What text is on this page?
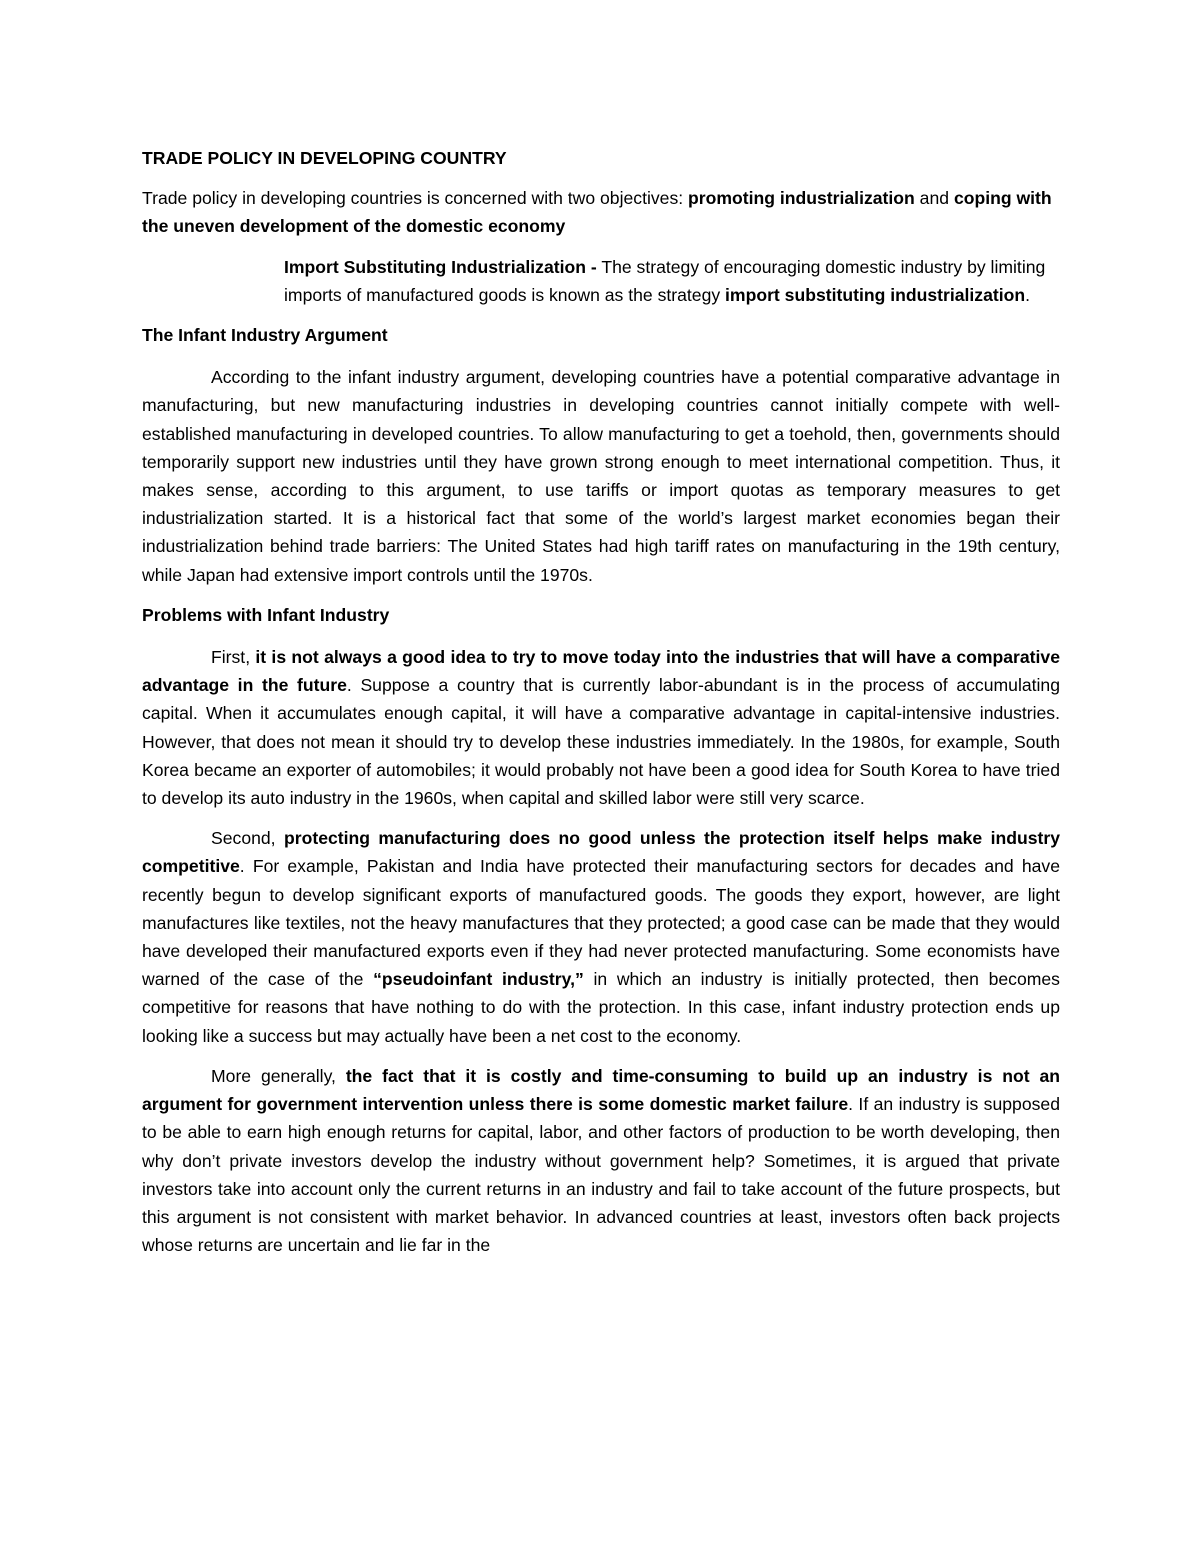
TRADE POLICY IN DEVELOPING COUNTRY
Trade policy in developing countries is concerned with two objectives: promoting industrialization and coping with the uneven development of the domestic economy
Import Substituting Industrialization - The strategy of encouraging domestic industry by limiting imports of manufactured goods is known as the strategy import substituting industrialization.
The Infant Industry Argument
According to the infant industry argument, developing countries have a potential comparative advantage in manufacturing, but new manufacturing industries in developing countries cannot initially compete with well-established manufacturing in developed countries. To allow manufacturing to get a toehold, then, governments should temporarily support new industries until they have grown strong enough to meet international competition. Thus, it makes sense, according to this argument, to use tariffs or import quotas as temporary measures to get industrialization started. It is a historical fact that some of the world’s largest market economies began their industrialization behind trade barriers: The United States had high tariff rates on manufacturing in the 19th century, while Japan had extensive import controls until the 1970s.
Problems with Infant Industry
First, it is not always a good idea to try to move today into the industries that will have a comparative advantage in the future. Suppose a country that is currently labor-abundant is in the process of accumulating capital. When it accumulates enough capital, it will have a comparative advantage in capital-intensive industries. However, that does not mean it should try to develop these industries immediately. In the 1980s, for example, South Korea became an exporter of automobiles; it would probably not have been a good idea for South Korea to have tried to develop its auto industry in the 1960s, when capital and skilled labor were still very scarce.
Second, protecting manufacturing does no good unless the protection itself helps make industry competitive. For example, Pakistan and India have protected their manufacturing sectors for decades and have recently begun to develop significant exports of manufactured goods. The goods they export, however, are light manufactures like textiles, not the heavy manufactures that they protected; a good case can be made that they would have developed their manufactured exports even if they had never protected manufacturing. Some economists have warned of the case of the “pseudoinfant industry,” in which an industry is initially protected, then becomes competitive for reasons that have nothing to do with the protection. In this case, infant industry protection ends up looking like a success but may actually have been a net cost to the economy.
More generally, the fact that it is costly and time-consuming to build up an industry is not an argument for government intervention unless there is some domestic market failure. If an industry is supposed to be able to earn high enough returns for capital, labor, and other factors of production to be worth developing, then why don’t private investors develop the industry without government help? Sometimes, it is argued that private investors take into account only the current returns in an industry and fail to take account of the future prospects, but this argument is not consistent with market behavior. In advanced countries at least, investors often back projects whose returns are uncertain and lie far in the
